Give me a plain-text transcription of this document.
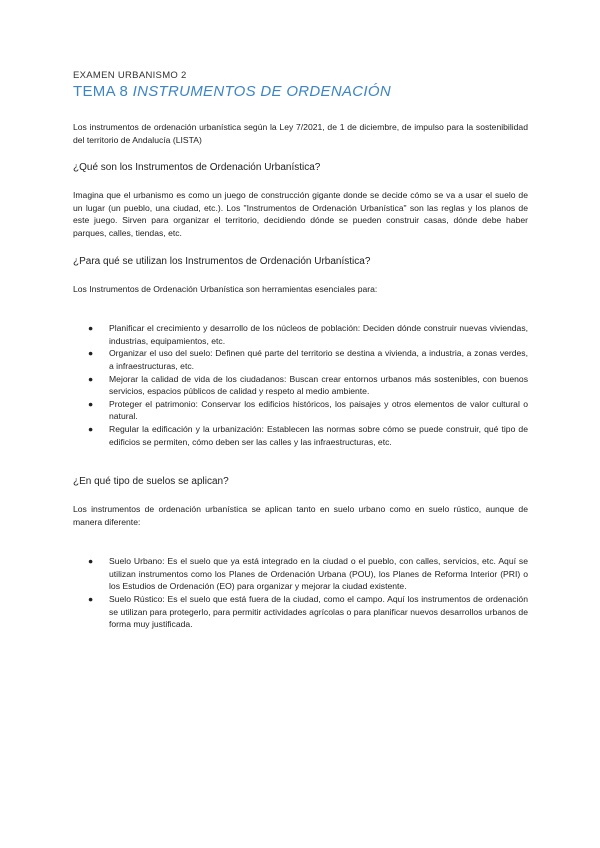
EXAMEN URBANISMO 2

TEMA 8 INSTRUMENTOS DE ORDENACIÓN

Los instrumentos de ordenación urbanística según la Ley 7/2021, de 1 de diciembre, de impulso para la sostenibilidad del territorio de Andalucía (LISTA)

¿Qué son los Instrumentos de Ordenación Urbanística?

Imagina que el urbanismo es como un juego de construcción gigante donde se decide cómo se va a usar el suelo de un lugar (un pueblo, una ciudad, etc.). Los "Instrumentos de Ordenación Urbanística" son las reglas y los planos de este juego. Sirven para organizar el territorio, decidiendo dónde se pueden construir casas, dónde debe haber parques, calles, tiendas, etc.

¿Para qué se utilizan los Instrumentos de Ordenación Urbanística?

Los Instrumentos de Ordenación Urbanística son herramientas esenciales para:

● Planificar el crecimiento y desarrollo de los núcleos de población: Deciden dónde construir nuevas viviendas, industrias, equipamientos, etc.
● Organizar el uso del suelo: Definen qué parte del territorio se destina a vivienda, a industria, a zonas verdes, a infraestructuras, etc.
● Mejorar la calidad de vida de los ciudadanos: Buscan crear entornos urbanos más sostenibles, con buenos servicios, espacios públicos de calidad y respeto al medio ambiente.
● Proteger el patrimonio: Conservar los edificios históricos, los paisajes y otros elementos de valor cultural o natural.
● Regular la edificación y la urbanización: Establecen las normas sobre cómo se puede construir, qué tipo de edificios se permiten, cómo deben ser las calles y las infraestructuras, etc.
¿En qué tipo de suelos se aplican?

Los instrumentos de ordenación urbanística se aplican tanto en suelo urbano como en suelo rústico, aunque de manera diferente:

● Suelo Urbano: Es el suelo que ya está integrado en la ciudad o el pueblo, con calles, servicios, etc. Aquí se utilizan instrumentos como los Planes de Ordenación Urbana (POU), los Planes de Reforma Interior (PRI) o los Estudios de Ordenación (EO) para organizar y mejorar la ciudad existente.
● Suelo Rústico: Es el suelo que está fuera de la ciudad, como el campo. Aquí los instrumentos de ordenación se utilizan para protegerlo, para permitir actividades agrícolas o para planificar nuevos desarrollos urbanos de forma muy justificada.
